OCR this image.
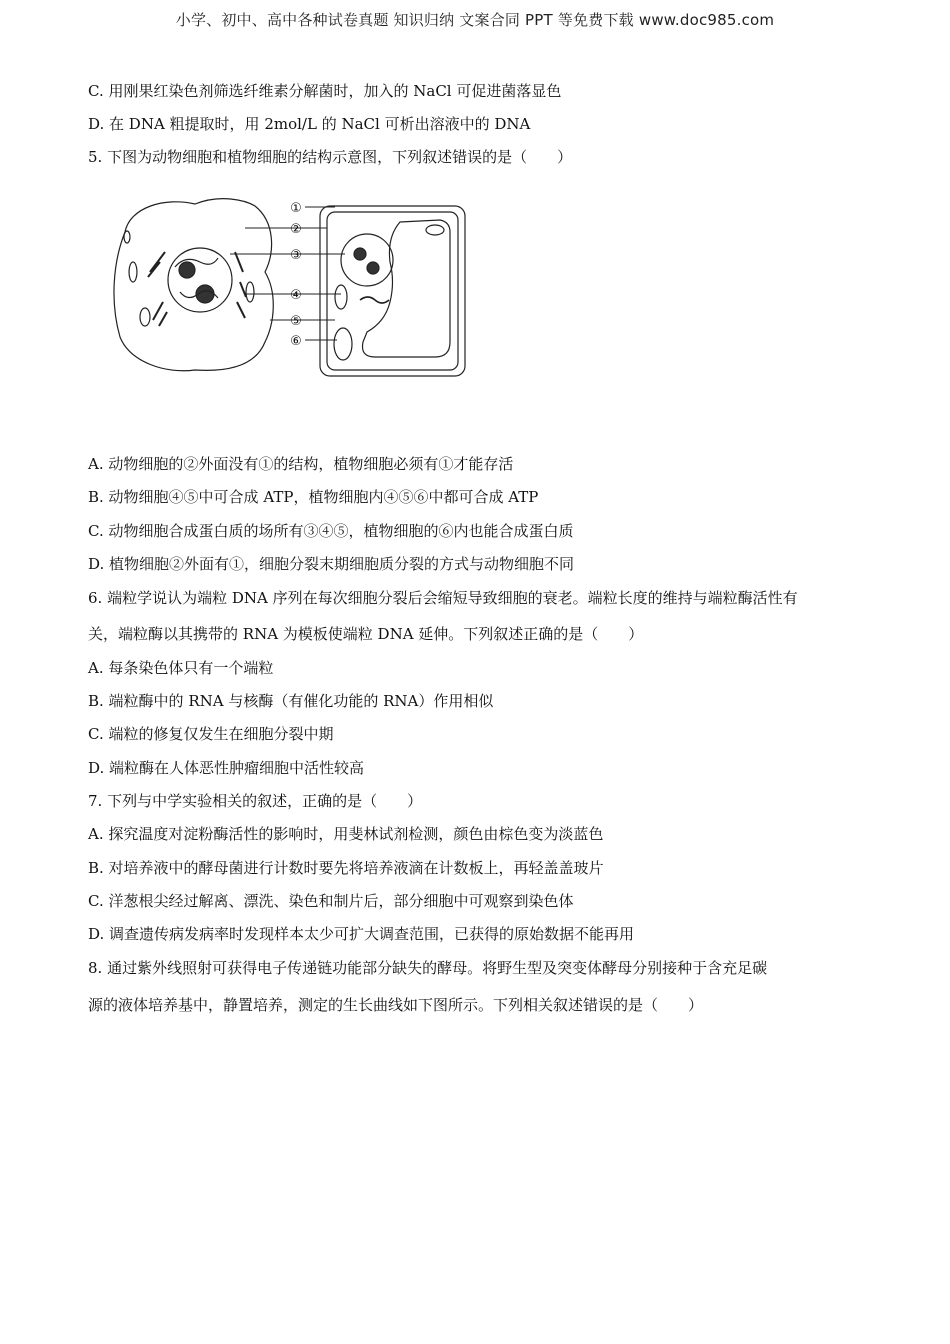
小学、初中、高中各种试卷真题 知识归纳 文案合同 PPT 等免费下载 www.doc985.com
C. 用刚果红染色剂筛选纤维素分解菌时，加入的 NaCl 可促进菌落显色
D. 在 DNA 粗提取时，用 2mol/L 的 NaCl 可析出溶液中的 DNA
5. 下图为动物细胞和植物细胞的结构示意图，下列叙述错误的是（　　）
①
②
③
④
⑤
⑥
A. 动物细胞的②外面没有①的结构，植物细胞必须有①才能存活
B. 动物细胞④⑤中可合成 ATP，植物细胞内④⑤⑥中都可合成 ATP
C. 动物细胞合成蛋白质的场所有③④⑤，植物细胞的⑥内也能合成蛋白质
D. 植物细胞②外面有①，细胞分裂末期细胞质分裂的方式与动物细胞不同
6. 端粒学说认为端粒 DNA 序列在每次细胞分裂后会缩短导致细胞的衰老。端粒长度的维持与端粒酶活性有
关，端粒酶以其携带的 RNA 为模板使端粒 DNA 延伸。下列叙述正确的是（　　）
A. 每条染色体只有一个端粒
B. 端粒酶中的 RNA 与核酶（有催化功能的 RNA）作用相似
C. 端粒的修复仅发生在细胞分裂中期
D. 端粒酶在人体恶性肿瘤细胞中活性较高
7. 下列与中学实验相关的叙述，正确的是（　　）
A. 探究温度对淀粉酶活性的影响时，用斐林试剂检测，颜色由棕色变为淡蓝色
B. 对培养液中的酵母菌进行计数时要先将培养液滴在计数板上，再轻盖盖玻片
C. 洋葱根尖经过解离、漂洗、染色和制片后，部分细胞中可观察到染色体
D. 调查遗传病发病率时发现样本太少可扩大调查范围，已获得的原始数据不能再用
8. 通过紫外线照射可获得电子传递链功能部分缺失的酵母。将野生型及突变体酵母分别接种于含充足碳
源的液体培养基中，静置培养，测定的生长曲线如下图所示。下列相关叙述错误的是（　　）
